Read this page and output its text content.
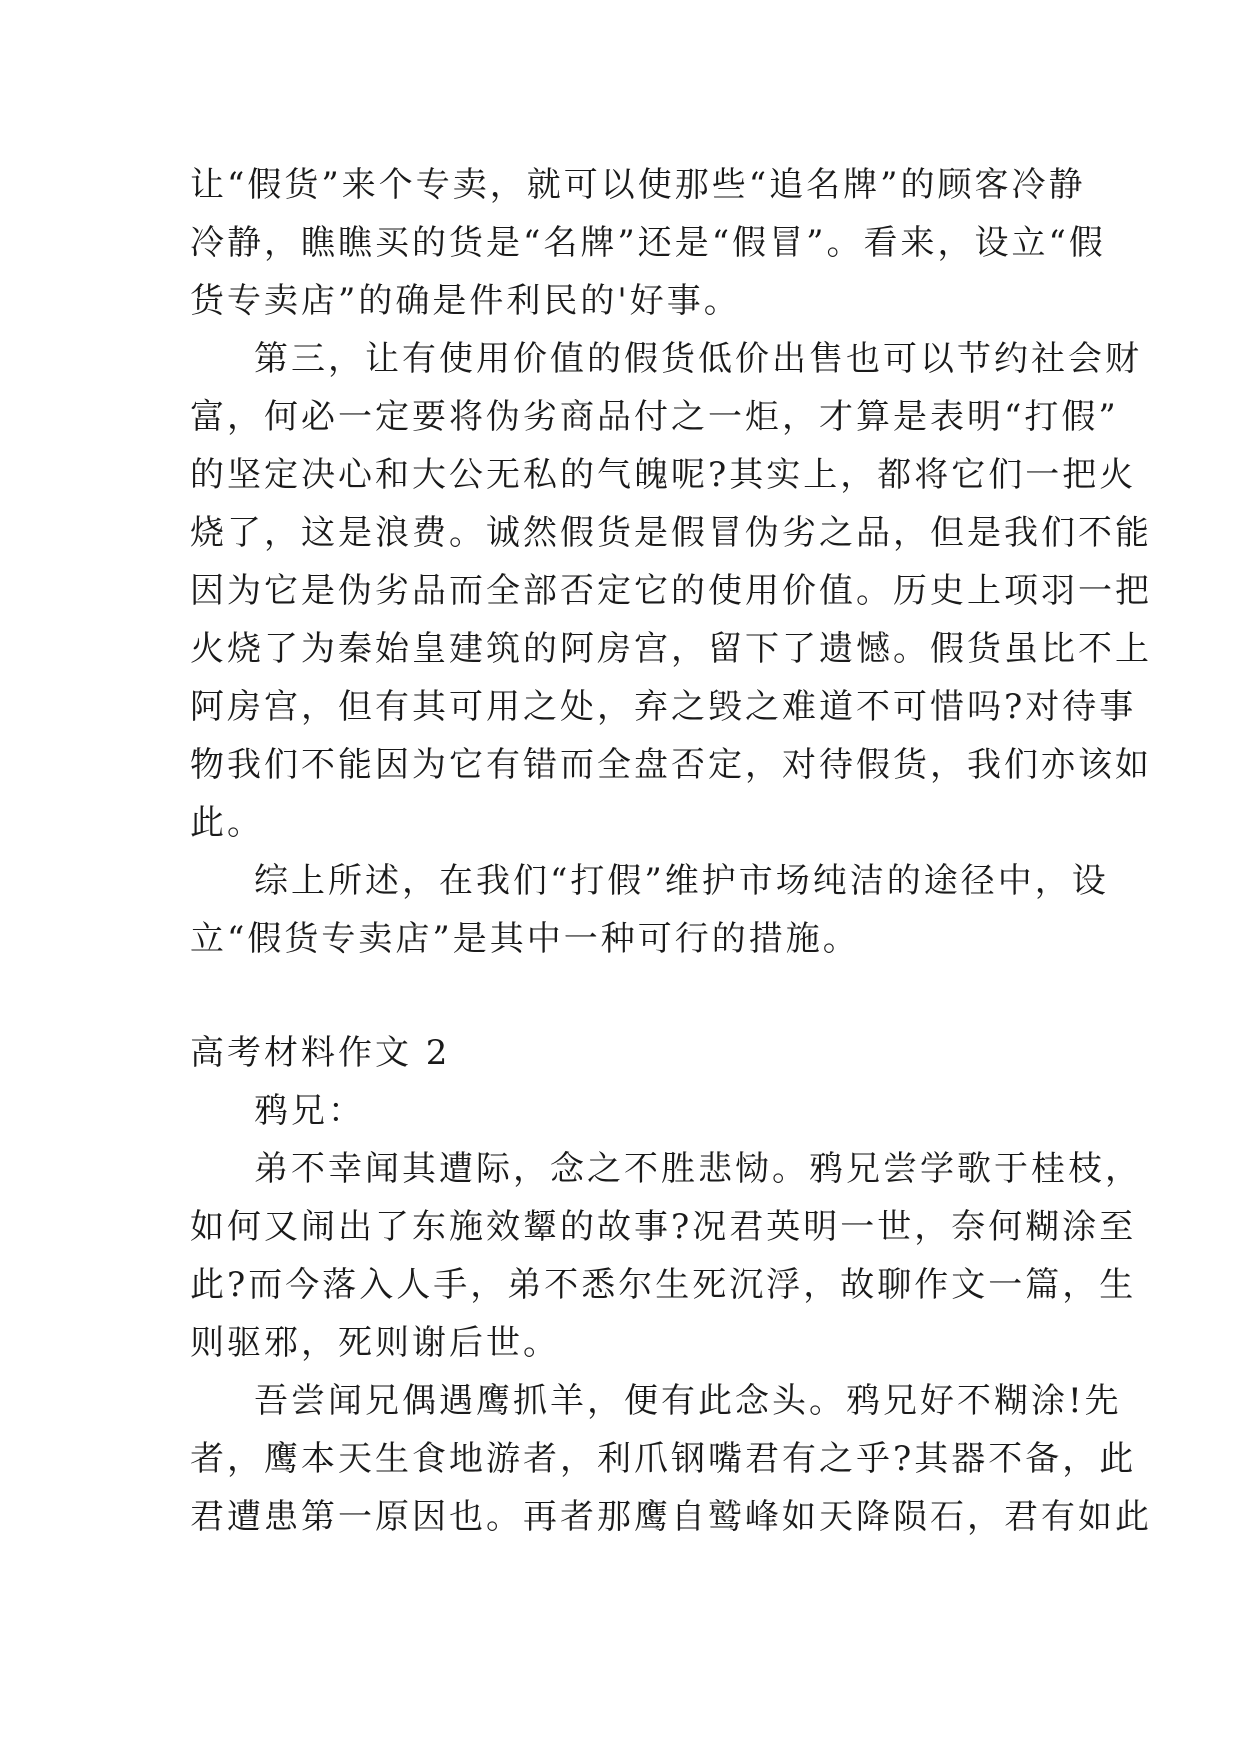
让“假货”来个专卖，就可以使那些“追名牌”的顾客冷静
冷静，瞧瞧买的货是“名牌”还是“假冒”。看来，设立“假
货专卖店”的确是件利民的'好事。
第三，让有使用价值的假货低价出售也可以节约社会财
富，何必一定要将伪劣商品付之一炬，才算是表明“打假”
的坚定决心和大公无私的气魄呢?其实上，都将它们一把火
烧了，这是浪费。诚然假货是假冒伪劣之品，但是我们不能
因为它是伪劣品而全部否定它的使用价值。历史上项羽一把
火烧了为秦始皇建筑的阿房宫，留下了遗憾。假货虽比不上
阿房宫，但有其可用之处，弃之毁之难道不可惜吗?对待事
物我们不能因为它有错而全盘否定，对待假货，我们亦该如
此。
综上所述，在我们“打假”维护市场纯洁的途径中，设
立“假货专卖店”是其中一种可行的措施。
高考材料作文 2
鸦兄：
弟不幸闻其遭际，念之不胜悲恸。鸦兄尝学歌于桂枝，
如何又闹出了东施效颦的故事?况君英明一世，奈何糊涂至
此?而今落入人手，弟不悉尔生死沉浮，故聊作文一篇，生
则驱邪，死则谢后世。
吾尝闻兄偶遇鹰抓羊，便有此念头。鸦兄好不糊涂!先
者，鹰本天生食地游者，利爪钢嘴君有之乎?其器不备，此
君遭患第一原因也。再者那鹰自鹫峰如天降陨石，君有如此
